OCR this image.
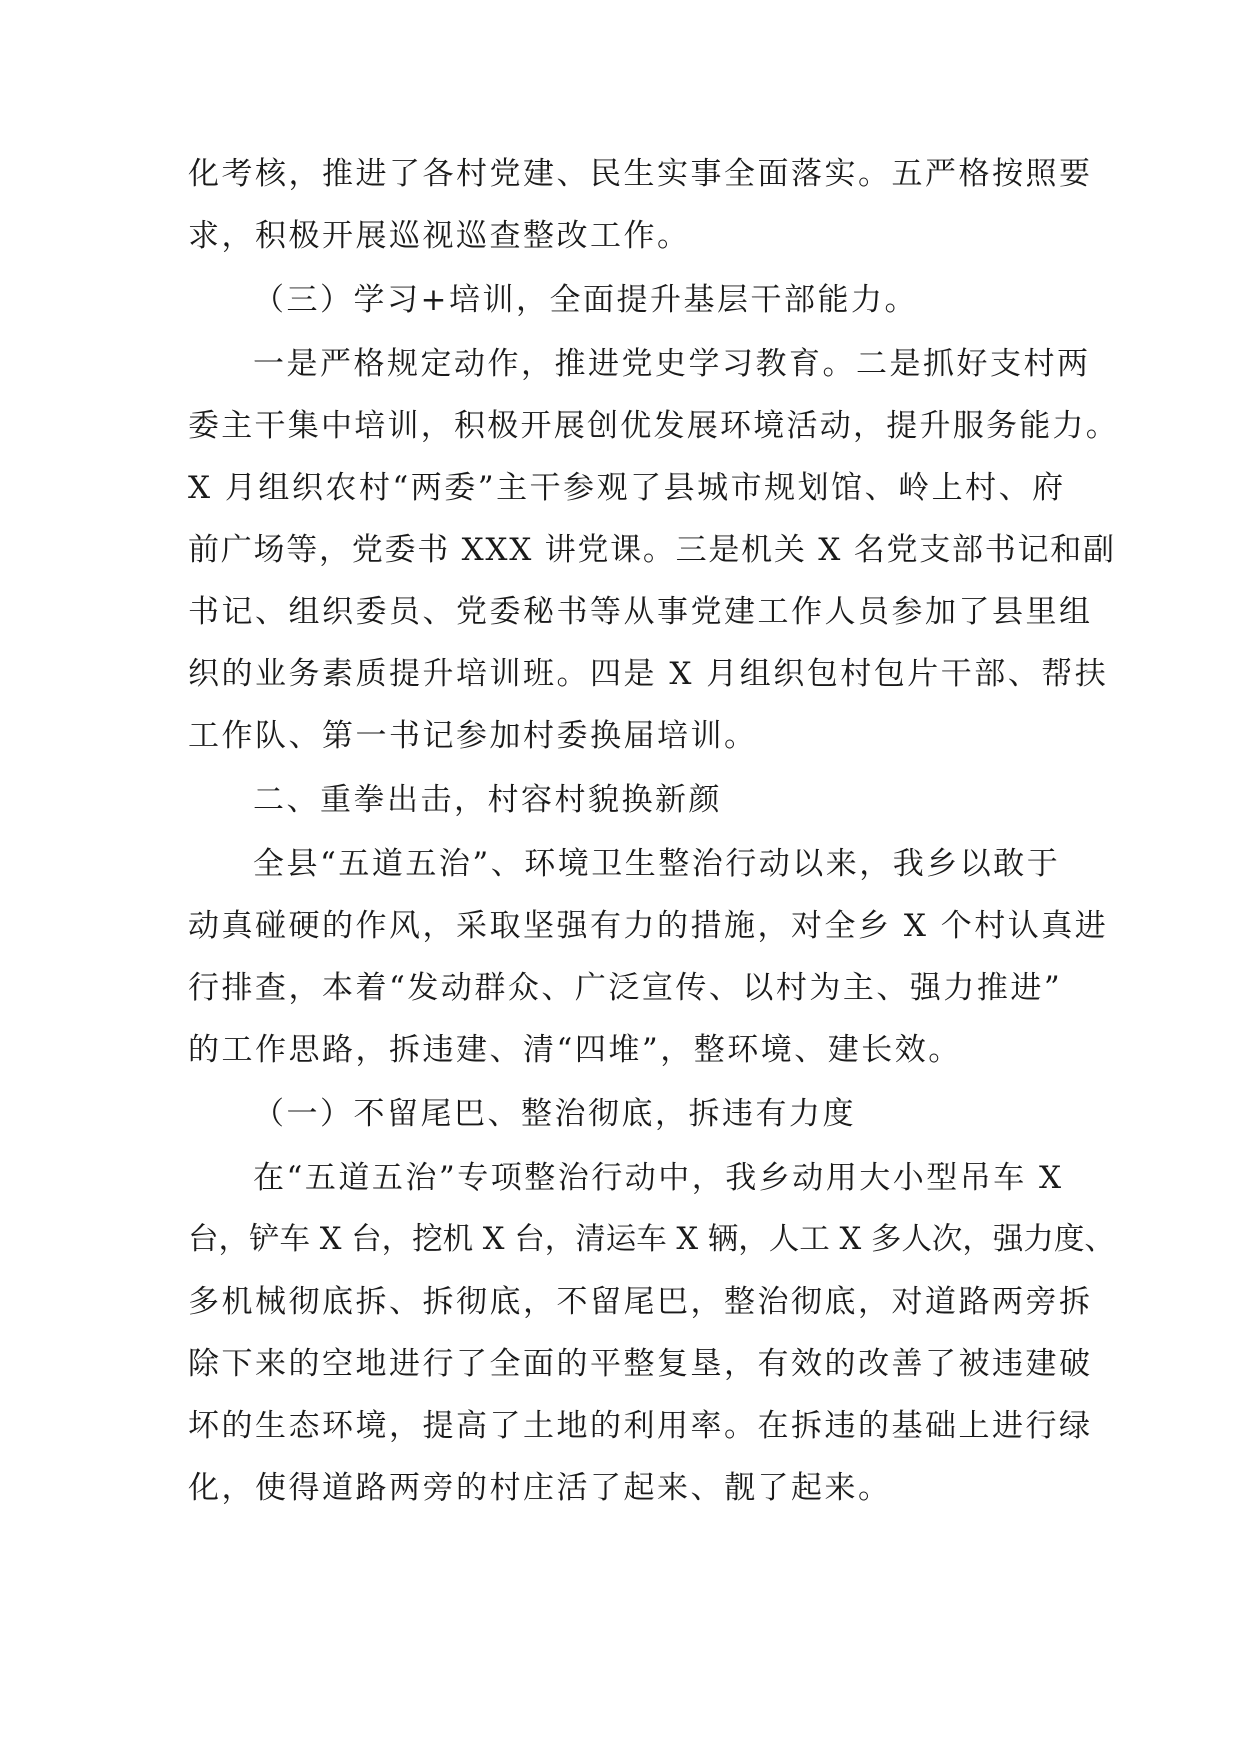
化考核，推进了各村党建、民生实事全面落实。五严格按照要
求，积极开展巡视巡查整改工作。
（三）学习+培训，全面提升基层干部能力。
一是严格规定动作，推进党史学习教育。二是抓好支村两
委主干集中培训，积极开展创优发展环境活动，提升服务能力。
X 月组织农村“两委”主干参观了县城市规划馆、岭上村、府
前广场等，党委书 XXX 讲党课。三是机关 X 名党支部书记和副
书记、组织委员、党委秘书等从事党建工作人员参加了县里组
织的业务素质提升培训班。四是 X 月组织包村包片干部、帮扶
工作队、第一书记参加村委换届培训。
二、重拳出击，村容村貌换新颜
全县“五道五治”、环境卫生整治行动以来，我乡以敢于
动真碰硬的作风，采取坚强有力的措施，对全乡 X 个村认真进
行排查，本着“发动群众、广泛宣传、以村为主、强力推进”
的工作思路，拆违建、清“四堆”，整环境、建长效。
（一）不留尾巴、整治彻底，拆违有力度
在“五道五治”专项整治行动中，我乡动用大小型吊车 X
台，铲车 X 台，挖机 X 台，清运车 X 辆，人工 X 多人次，强力度、
多机械彻底拆、拆彻底，不留尾巴，整治彻底，对道路两旁拆
除下来的空地进行了全面的平整复垦，有效的改善了被违建破
坏的生态环境，提高了土地的利用率。在拆违的基础上进行绿
化，使得道路两旁的村庄活了起来、靓了起来。
